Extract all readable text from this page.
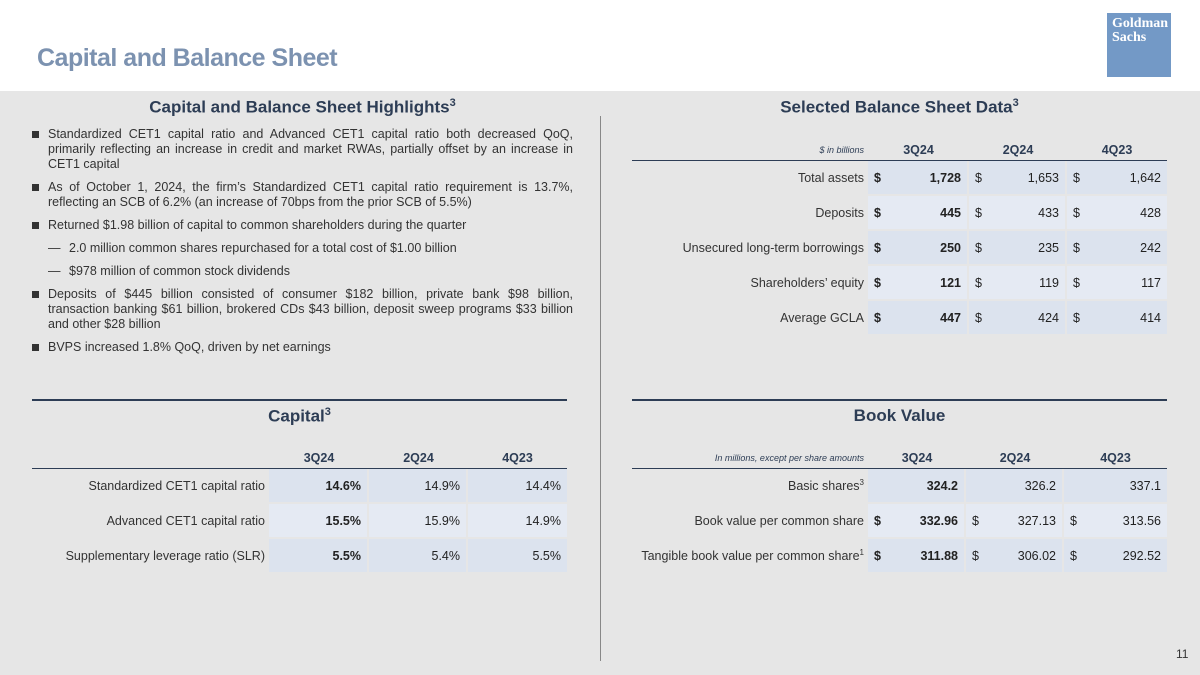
Capital and Balance Sheet
Goldman
Sachs
Capital and Balance Sheet Highlights$^3$
Standardized CET1 capital ratio and Advanced CET1 capital ratio both decreased QoQ, primarily reflecting an increase in credit and market RWAs, partially offset by an increase in CET1 capital
As of October 1, 2024, the firm’s Standardized CET1 capital ratio requirement is 13.7%, reflecting an SCB of 6.2% (an increase of 70bps from the prior SCB of 5.5%)
Returned $1.98 billion of capital to common shareholders during the quarter
— 2.0 million common shares repurchased for a total cost of $1.00 billion
— $978 million of common stock dividends
Deposits of $445 billion consisted of consumer $182 billion, private bank $98 billion, transaction banking $61 billion, brokered CDs $43 billion, deposit sweep programs $33 billion and other $28 billion
BVPS increased 1.8% QoQ, driven by net earnings
Selected Balance Sheet Data$^3$
$ in billions	3Q24	2Q24	4Q23
Total assets	$ 1,728	$ 1,653	$ 1,642

Deposits	$ 445	$ 433	$ 428

Unsecured long-term borrowings	$ 250	$ 235	$ 242

Shareholders’ equity	$ 121	$ 119	$ 117

Average GCLA	$ 447	$ 424	$ 414
Capital$^3$
	3Q24	2Q24	4Q23
Standardized CET1 capital ratio	14.6%	14.9%	14.4%
Advanced CET1 capital ratio	15.5%	15.9%	14.9%
Supplementary leverage ratio (SLR)	5.5%	5.4%	5.5%
Book Value
In millions, except per share amounts	3Q24	2Q24	4Q23
Basic shares$^3$	324.2	326.2	337.1

Book value per common share	$ 332.96	$ 327.13	$ 313.56

Tangible book value per common share$^1$	$ 311.88	$ 306.02	$ 292.52
11
